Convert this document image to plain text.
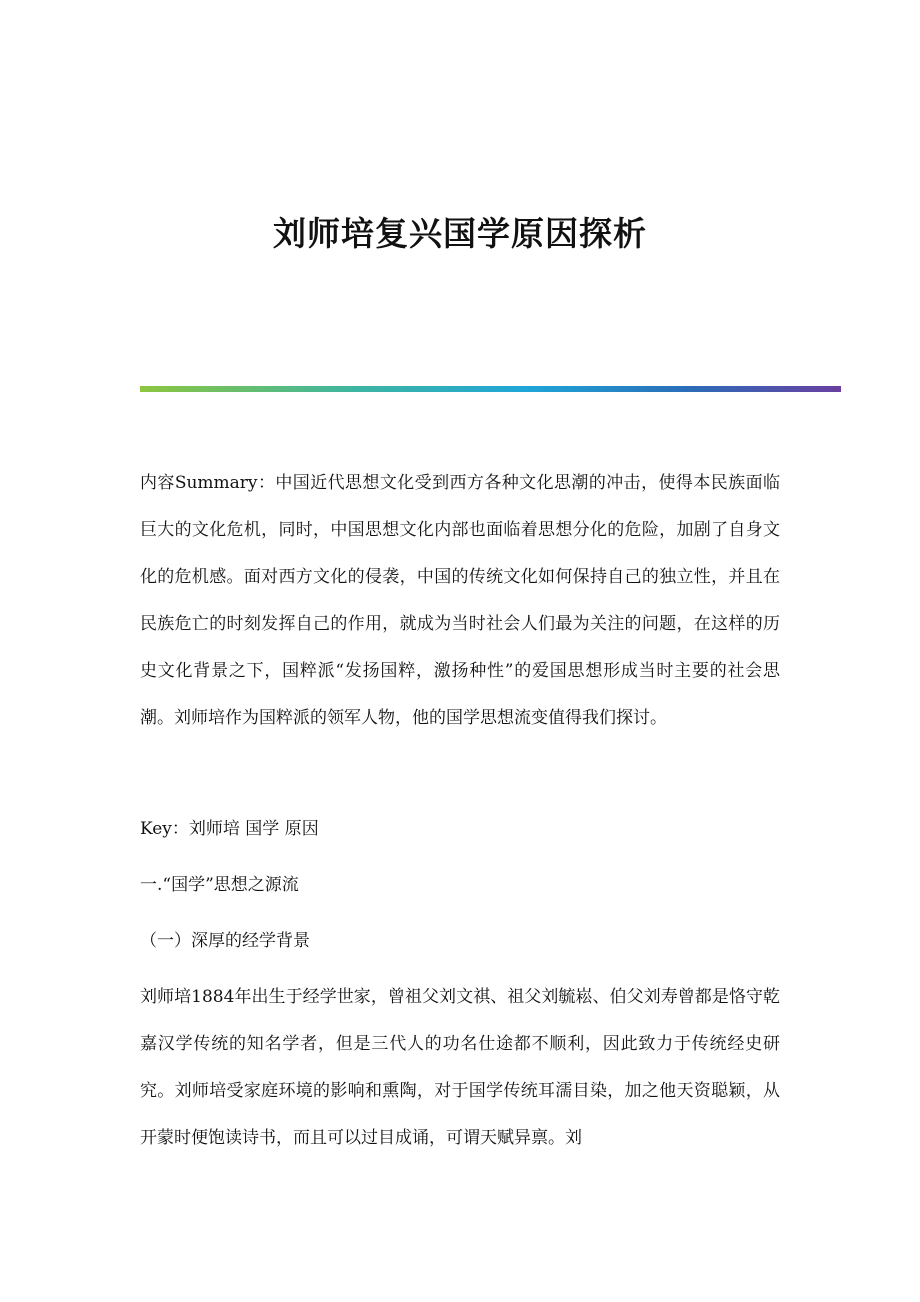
刘师培复兴国学原因探析

内容Summary：中国近代思想文化受到西方各种文化思潮的冲击，使得本民族面临巨大的文化危机，同时，中国思想文化内部也面临着思想分化的危险，加剧了自身文化的危机感。面对西方文化的侵袭，中国的传统文化如何保持自己的独立性，并且在民族危亡的时刻发挥自己的作用，就成为当时社会人们最为关注的问题，在这样的历史文化背景之下，国粹派“发扬国粹，激扬种性”的爱国思想形成当时主要的社会思潮。刘师培作为国粹派的领军人物，他的国学思想流变值得我们探讨。

Key：刘师培 国学 原因

一.“国学”思想之源流

（一）深厚的经学背景

刘师培1884年出生于经学世家，曾祖父刘文祺、祖父刘毓崧、伯父刘寿曾都是恪守乾嘉汉学传统的知名学者，但是三代人的功名仕途都不顺利，因此致力于传统经史研究。刘师培受家庭环境的影响和熏陶，对于国学传统耳濡目染，加之他天资聪颖，从开蒙时便饱读诗书，而且可以过目成诵，可谓天赋异禀。刘
